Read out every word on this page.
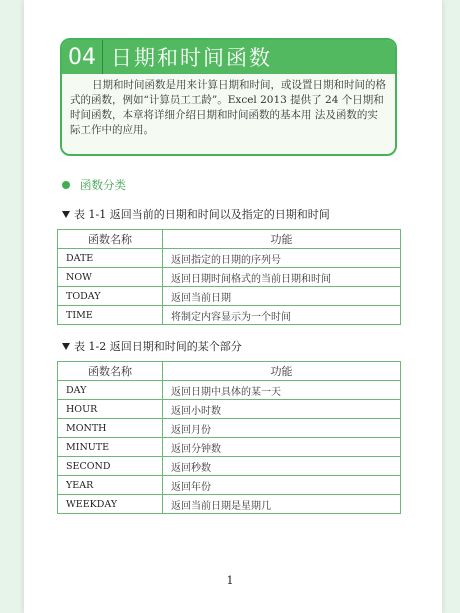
04 日期和时间函数

日期和时间函数是用来计算日期和时间，或设置日期和时间的格式的函数，例如“计算员工工龄”。Excel 2013 提供了 24 个日期和时间函数，本章将详细介绍日期和时间函数的基本用 法及函数的实际工作中的应用。

函数分类
表 1-1 返回当前的日期和时间以及指定的日期和时间
函数名称	功能
DATE	返回指定的日期的序列号
NOW	返回日期时间格式的当前日期和时间
TODAY	返回当前日期
TIME	将制定内容显示为一个时间
表 1-2 返回日期和时间的某个部分
函数名称	功能
DAY	返回日期中具体的某一天
HOUR	返回小时数
MONTH	返回月份
MINUTE	返回分钟数
SECOND	返回秒数
YEAR	返回年份
WEEKDAY	返回当前日期是星期几
1
